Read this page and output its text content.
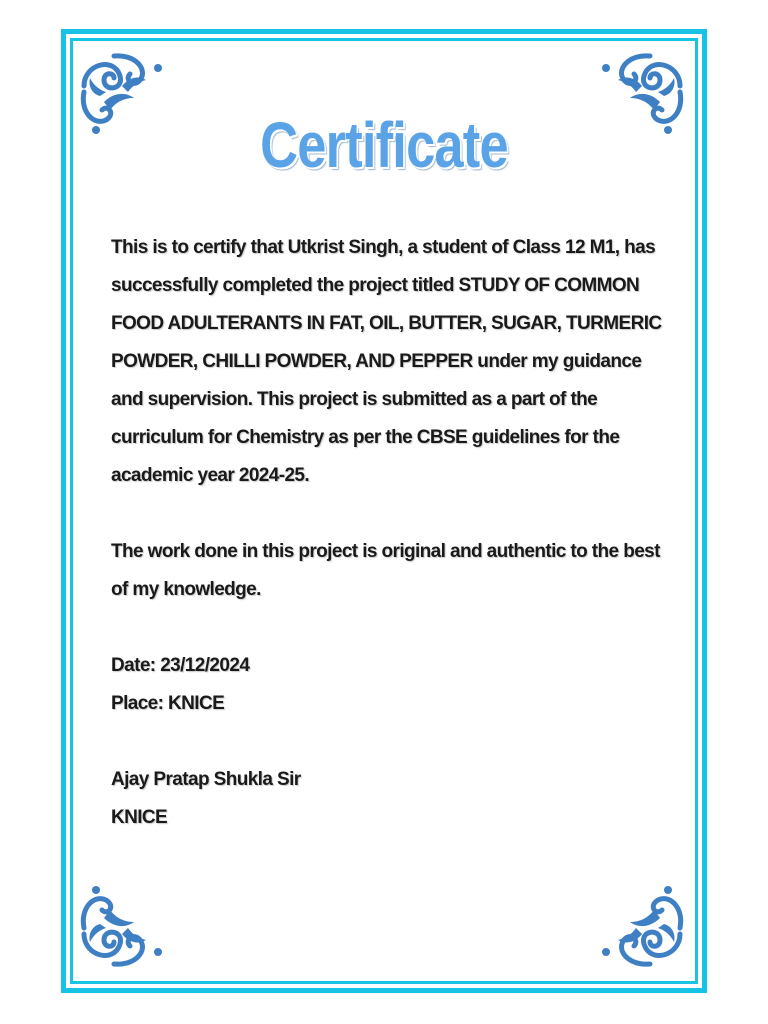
Certificate

This is to certify that Utkrist Singh, a student of Class 12 M1, has successfully completed the project titled STUDY OF COMMON FOOD ADULTERANTS IN FAT, OIL, BUTTER, SUGAR, TURMERIC POWDER, CHILLI POWDER, AND PEPPER under my guidance and supervision. This project is submitted as a part of the curriculum for Chemistry as per the CBSE guidelines for the academic year 2024-25.

The work done in this project is original and authentic to the best of my knowledge.

Date: 23/12/2024

Place: KNICE

Ajay Pratap Shukla Sir

KNICE
